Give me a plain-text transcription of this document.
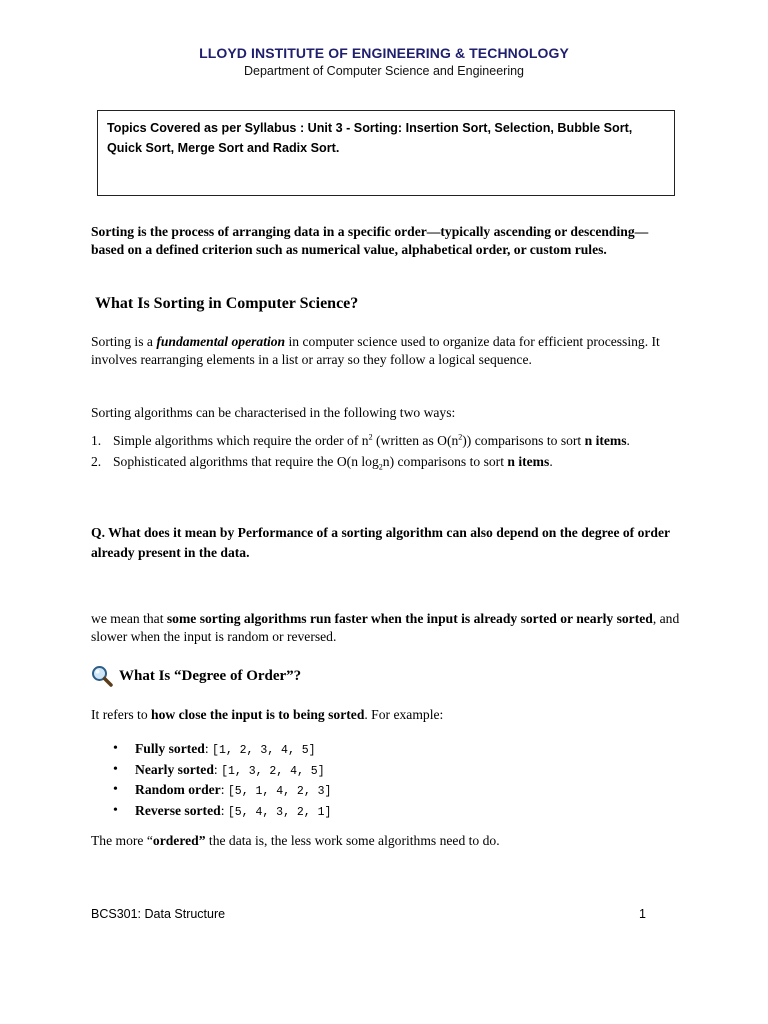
LLOYD INSTITUTE OF ENGINEERING & TECHNOLOGY
Department of Computer Science and Engineering
Topics Covered as per Syllabus : Unit 3 - Sorting: Insertion Sort, Selection, Bubble Sort, Quick Sort, Merge Sort and Radix Sort.
Sorting is the process of arranging data in a specific order—typically ascending or descending—based on a defined criterion such as numerical value, alphabetical order, or custom rules.
What Is Sorting in Computer Science?
Sorting is a fundamental operation in computer science used to organize data for efficient processing. It involves rearranging elements in a list or array so they follow a logical sequence.
Sorting algorithms can be characterised in the following two ways:
1. Simple algorithms which require the order of $n^2$ (written as $O(n^2)$) comparisons to sort n items.
2. Sophisticated algorithms that require the O(n $\log_2n$) comparisons to sort n items.
Q. What does it mean by Performance of a sorting algorithm can also depend on the degree of order already present in the data.
we mean that some sorting algorithms run faster when the input is already sorted or nearly sorted, and slower when the input is random or reversed.
What Is “Degree of Order”?
It refers to how close the input is to being sorted. For example:
• Fully sorted: [1, 2, 3, 4, 5]
• Nearly sorted: [1, 3, 2, 4, 5]
• Random order: [5, 1, 4, 2, 3]
• Reverse sorted: [5, 4, 3, 2, 1]
The more “ordered” the data is, the less work some algorithms need to do.
BCS301: Data Structure	1
